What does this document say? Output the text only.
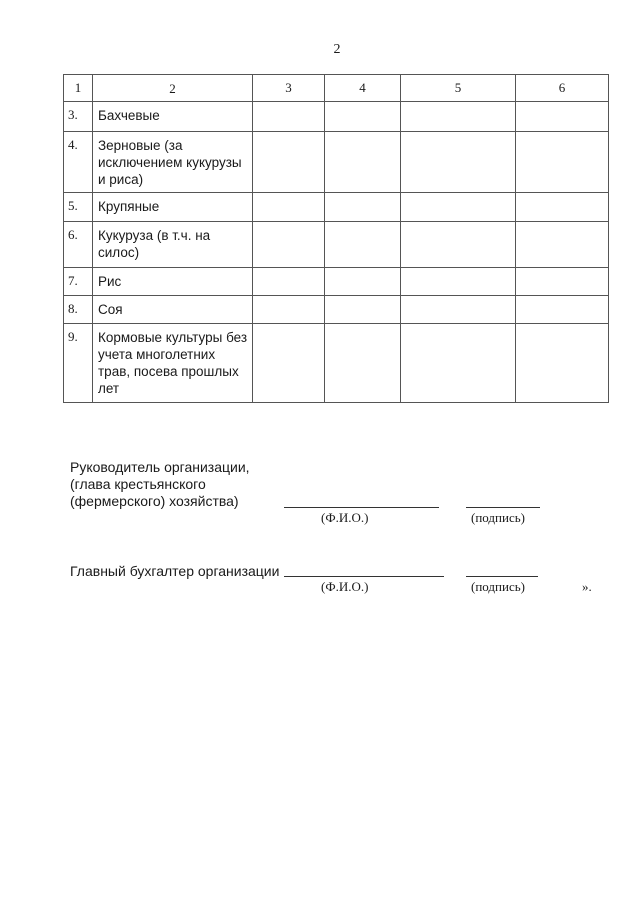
2
1	2	3	4	5	6
3.	Бахчевые				
4.	Зерновые (за исключением кукурузы и риса)				
5.	Крупяные				
6.	Кукуруза (в т.ч. на силос)				
7.	Рис				
8.	Соя				
9.	Кормовые культуры без учета многолетних трав, посева прошлых лет				
Руководитель организации,
(глава крестьянского
(фермерского) хозяйства)
(Ф.И.О.)	(подпись)
Главный бухгалтер организации
(Ф.И.О.)	(подпись)	».
